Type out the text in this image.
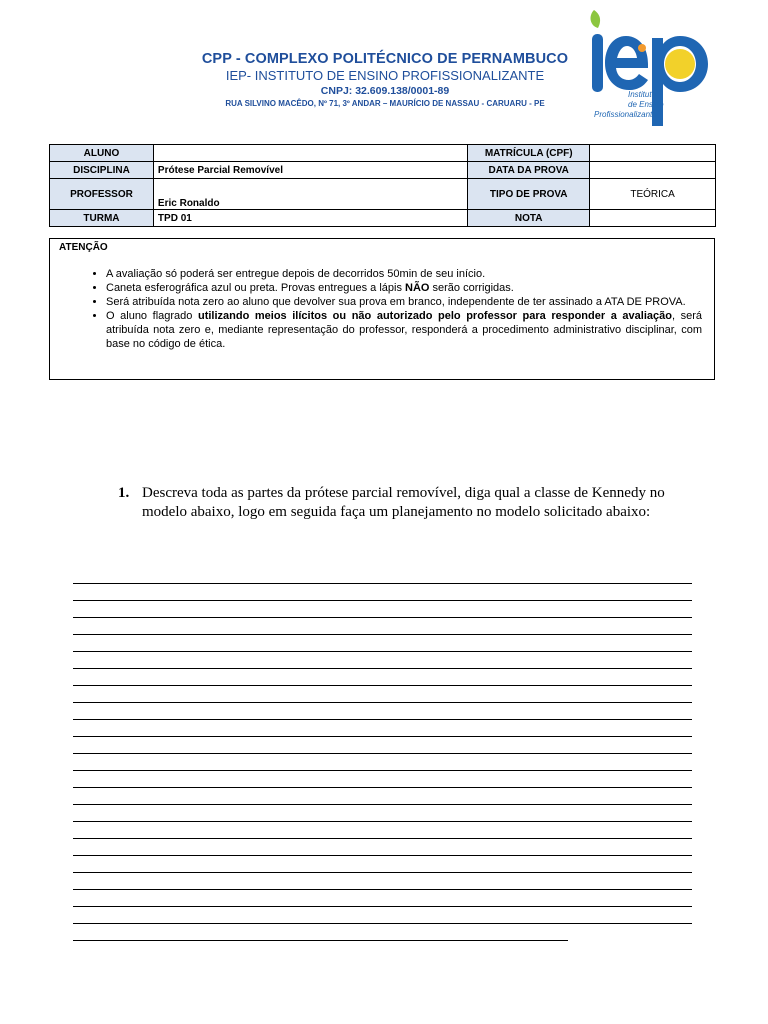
CPP - COMPLEXO POLITÉCNICO DE PERNAMBUCO

IEP- INSTITUTO DE ENSINO PROFISSIONALIZANTE

CNPJ: 32.609.138/0001-89

RUA SILVINO MACÊDO, Nº 71, 3º ANDAR – MAURÍCIO DE NASSAU - CARUARU - PE

Instituto
de Ensino
Profissionalizante
ALUNO		MATRÍCULA (CPF)	
DISCIPLINA	Prótese Parcial Removível	DATA DA PROVA	
PROFESSOR	Eric Ronaldo	TIPO DE PROVA	TEÓRICA
TURMA	TPD 01	NOTA	
ATENÇÃO
• A avaliação só poderá ser entregue depois de decorridos 50min de seu início.
• Caneta esferográfica azul ou preta. Provas entregues a lápis NÃO serão corrigidas.
• Será atribuída nota zero ao aluno que devolver sua prova em branco, independente de ter assinado a ATA DE PROVA.
• O aluno flagrado utilizando meios ilícitos ou não autorizado pelo professor para responder a avaliação, será atribuída nota zero e, mediante representação do professor, responderá a procedimento administrativo disciplinar, com base no código de ética.
1. Descreva toda as partes da prótese parcial removível, diga qual a classe de Kennedy no modelo abaixo, logo em seguida faça um planejamento no modelo solicitado abaixo:
